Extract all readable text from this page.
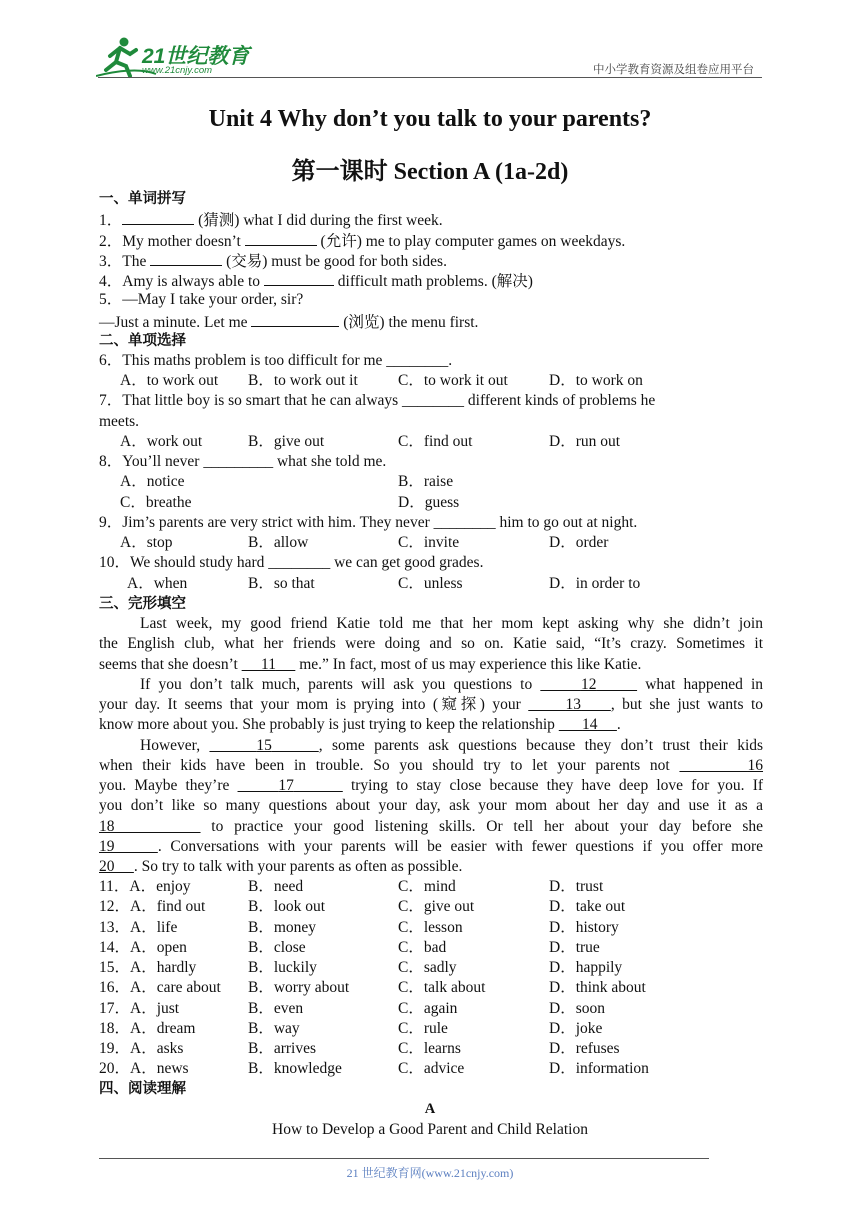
21世纪教育
www.21cnjy.com	中小学教育资源及组卷应用平台
Unit 4 Why don’t you talk to your parents?
第一课时 Section A (1a-2d)
一、单词拼写
1．	(猜测) what I did during the first week.
2．My mother doesn’t	(允许) me to play computer games on weekdays.
3．The	(交易) must be good for both sides.
4．Amy is always able to	difficult math problems. (解决)
5．—May I take your order, sir?
—Just a minute. Let me	(浏览) the menu first.
二、单项选择
6．This maths problem is too difficult for me ________.
A．to work out B．to work out it	C．to work it out	D．to work on
7．That little boy is so smart that he can always ________ different kinds of problems he
meets.
A．work out	B．give out	C．find out	D．run out
8．You’ll never _________ what she told me.
A．notice	B．raise
C．breathe	D．guess
9．Jim’s parents are very strict with him. They never ________ him to go out at night.
A．stop	B．allow	C．invite	D．order
10．We should study hard ________ we can get good grades.
A．when	B．so that	C．unless	D．in order to
三、完形填空
Last week, my good friend Katie told me that her mom kept asking why she didn’t join
the English club, what her friends were doing and so on. Katie said, “It’s crazy. Sometimes it
seems that she doesn’t      11      me.” In fact, most of us may experience this like Katie.
If you don’t talk much, parents will ask you questions to	12	what happened in
your day. It seems that your mom is prying into (窥探) your      13 , but she just wants to
know more about you. She probably is just trying to keep the relationship       14 .
However,	15	, some parents ask questions because they don’t trust their kids
when their kids have been in trouble. So you should try to let your parents not	16
you. Maybe they’re	17	trying to stay close because they have deep love for you. If
you don’t like so many questions about your day, ask your mom about her day and use it as a
18	to practice your good listening skills. Or tell her about your day before she
19	. Conversations with your parents will be easier with fewer questions if you offer more
20 . So try to talk with your parents as often as possible.
11．A．enjoy	B．need	C．mind	D．trust
12．A．find out	B．look out	C．give out	D．take out
13．A．life	B．money	C．lesson	D．history
14．A．open	B．close	C．bad	D．true
15．A．hardly	B．luckily	C．sadly	D．happily
16．A．care about B．worry about	C．talk about	D．think about
17．A．just	B．even	C．again	D．soon
18．A．dream	B．way	C．rule	D．joke
19．A．asks	B．arrives	C．learns	D．refuses
20．A．news	B．knowledge	C．advice	D．information
四、阅读理解
A
How to Develop a Good Parent and Child Relation
21 世纪教育网(www.21cnjy.com)
